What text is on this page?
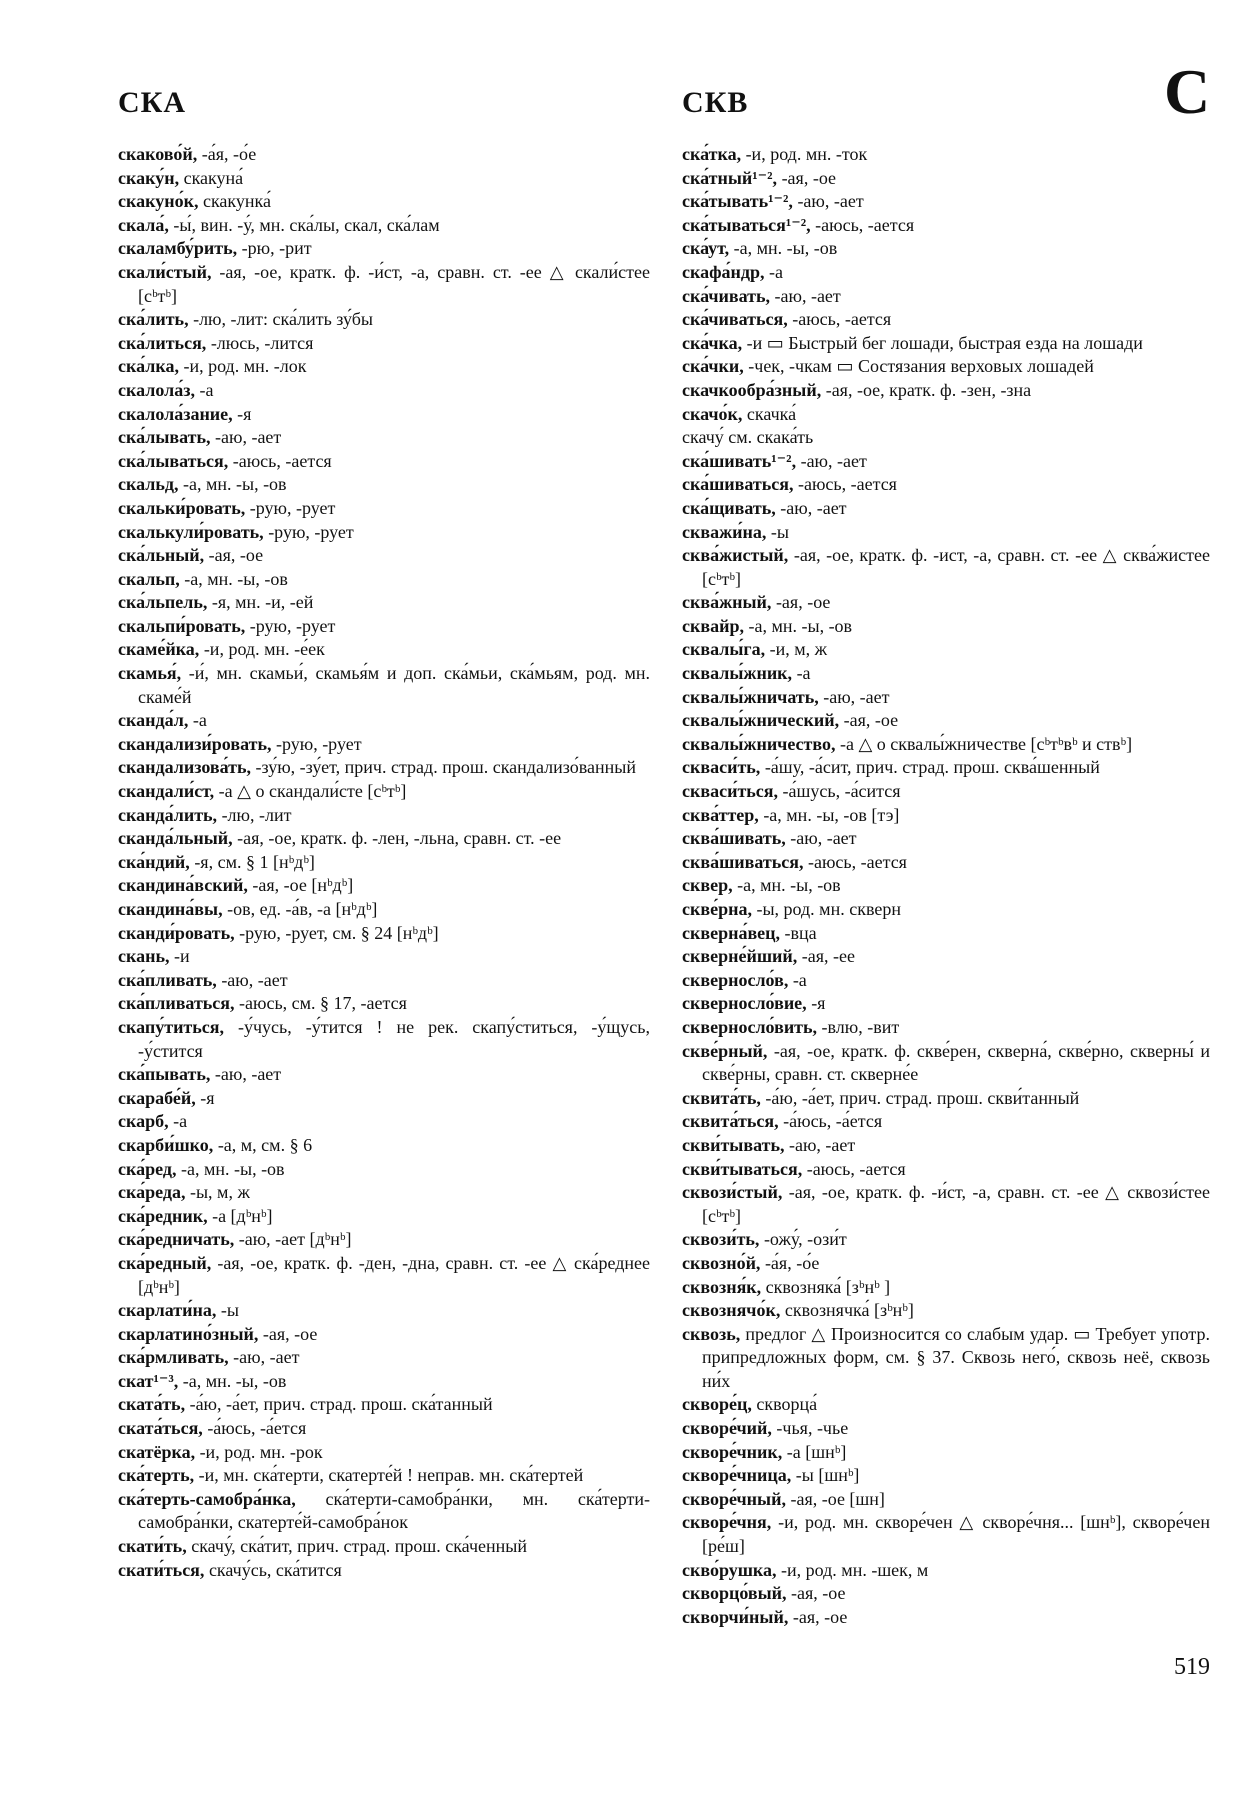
СКА	СКВ	С
скаково́й, -а́я, -о́е
скаку́н, скакуна́
скакуно́к, скакунка́
скала́, -ы́, вин. -у́, мн. ска́лы, скал, ска́лам
скаламбу́рить, -рю, -рит
скали́стый, -ая, -ое, кратк. ф. -и́ст, -а, сравн. ст. -ее △ скали́стее [сᵇтᵇ]
ска́лить, -лю, -лит: ска́лить зу́бы
ска́литься, -люсь, -лится
ска́лка, -и, род. мн. -лок
скалола́з, -а
скалола́зание, -я
ска́лывать, -аю, -ает
ска́лываться, -аюсь, -ается
скальд, -а, мн. -ы, -ов
скальки́ровать, -рую, -рует
скалькули́ровать, -рую, -рует
ска́льный, -ая, -ое
скальп, -а, мн. -ы, -ов
ска́льпель, -я, мн. -и, -ей
скальпи́ровать, -рую, -рует
скаме́йка, -и, род. мн. -е́ек
скамья́, -и́, мн. скамьи́, скамья́м и доп. ска́мьи, ска́мьям, род. мн. скаме́й
сканда́л, -а
скандализи́ровать, -рую, -рует
скандализова́ть, -зу́ю, -зу́ет, прич. страд. прош. скандализо́ванный
скандали́ст, -а △ о скандали́сте [сᵇтᵇ]
сканда́лить, -лю, -лит
сканда́льный, -ая, -ое, кратк. ф. -лен, -льна, сравн. ст. -ее
ска́ндий, -я, см. § 1 [нᵇдᵇ]
скандина́вский, -ая, -ое [нᵇдᵇ]
скандина́вы, -ов, ед. -а́в, -а [нᵇдᵇ]
сканди́ровать, -рую, -рует, см. § 24 [нᵇдᵇ]
скань, -и
ска́пливать, -аю, -ает
ска́пливаться, -аюсь, см. § 17, -ается
скапу́титься, -у́чусь, -у́тится ! не рек. скапу́ститься, -у́щусь, -у́стится
ска́пывать, -аю, -ает
скарабе́й, -я
скарб, -а
скарби́шко, -а, м, см. § 6
ска́ред, -а, мн. -ы, -ов
ска́реда, -ы, м, ж
ска́редник, -а [дᵇнᵇ]
ска́редничать, -аю, -ает [дᵇнᵇ]
ска́редный, -ая, -ое, кратк. ф. -ден, -дна, сравн. ст. -ее △ ска́реднее [дᵇнᵇ]
скарлати́на, -ы
скарлатино́зный, -ая, -ое
ска́рмливать, -аю, -ает
скат¹⁻³, -а, мн. -ы, -ов
ската́ть, -а́ю, -а́ет, прич. страд. прош. ска́танный
ската́ться, -а́юсь, -а́ется
скатёрка, -и, род. мн. -рок
ска́терть, -и, мн. ска́терти, скатерте́й ! неправ. мн. ска́тертей
ска́терть-самобра́нка, ска́терти-самобра́нки, мн. ска́терти-самобра́нки, скатерте́й-самобра́нок
скати́ть, скачу́, ска́тит, прич. страд. прош. ска́ченный
скати́ться, скачу́сь, ска́тится
ска́тка, -и, род. мн. -ток
ска́тный¹⁻², -ая, -ое
ска́тывать¹⁻², -аю, -ает
ска́тываться¹⁻², -аюсь, -ается
ска́ут, -а, мн. -ы, -ов
скафа́ндр, -а
ска́чивать, -аю, -ает
ска́чиваться, -аюсь, -ается
ска́чка, -и ▭ Быстрый бег лошади, быстрая езда на лошади
ска́чки, -чек, -чкам ▭ Состязания верховых лошадей
скачкообра́зный, -ая, -ое, кратк. ф. -зен, -зна
скачо́к, скачка́
скачу́ см. скака́ть
ска́шивать¹⁻², -аю, -ает
ска́шиваться, -аюсь, -ается
ска́щивать, -аю, -ает
скважи́на, -ы
сква́жистый, -ая, -ое, кратк. ф. -ист, -а, сравн. ст. -ее △ сква́жистее [сᵇтᵇ]
сква́жный, -ая, -ое
сквайр, -а, мн. -ы, -ов
сквалы́га, -и, м, ж
сквалы́жник, -а
сквалы́жничать, -аю, -ает
сквалы́жнический, -ая, -ое
сквалы́жничество, -а △ о сквалы́жничестве [сᵇтᵇвᵇ и ствᵇ]
скваси́ть, -а́шу, -а́сит, прич. страд. прош. сква́шенный
скваси́ться, -а́шусь, -а́сится
сква́ттер, -а, мн. -ы, -ов [тэ]
сква́шивать, -аю, -ает
сква́шиваться, -аюсь, -ается
сквер, -а, мн. -ы, -ов
скве́рна, -ы, род. мн. скверн
скверна́вец, -вца
скверне́йший, -ая, -ее
скверносло́в, -а
скверносло́вие, -я
скверносло́вить, -влю, -вит
скве́рный, -ая, -ое, кратк. ф. скве́рен, скверна́, скве́рно, скверны́ и скве́рны, сравн. ст. скверне́е
сквита́ть, -а́ю, -а́ет, прич. страд. прош. скви́танный
сквита́ться, -а́юсь, -а́ется
скви́тывать, -аю, -ает
скви́тываться, -аюсь, -ается
сквози́стый, -ая, -ое, кратк. ф. -и́ст, -а, сравн. ст. -ее △ сквози́стее [сᵇтᵇ]
сквози́ть, -ожу́, -ози́т
сквозно́й, -а́я, -о́е
сквозня́к, сквозняка́ [зᵇнᵇ ]
сквознячо́к, сквознячка́ [зᵇнᵇ]
сквозь, предлог △ Произносится со слабым удар. ▭ Требует употр. припредложных форм, см. § 37. Сквозь него́, сквозь неё, сквозь ни́х
скворе́ц, скворца́
скворе́чий, -чья, -чье
скворе́чник, -а [шнᵇ]
скворе́чница, -ы [шнᵇ]
скворе́чный, -ая, -ое [шн]
скворе́чня, -и, род. мн. скворе́чен △ скворе́чня... [шнᵇ], скворе́чен [ре́ш]
скво́рушка, -и, род. мн. -шек, м
скворцо́вый, -ая, -ое
скворчи́ный, -ая, -ое
519
